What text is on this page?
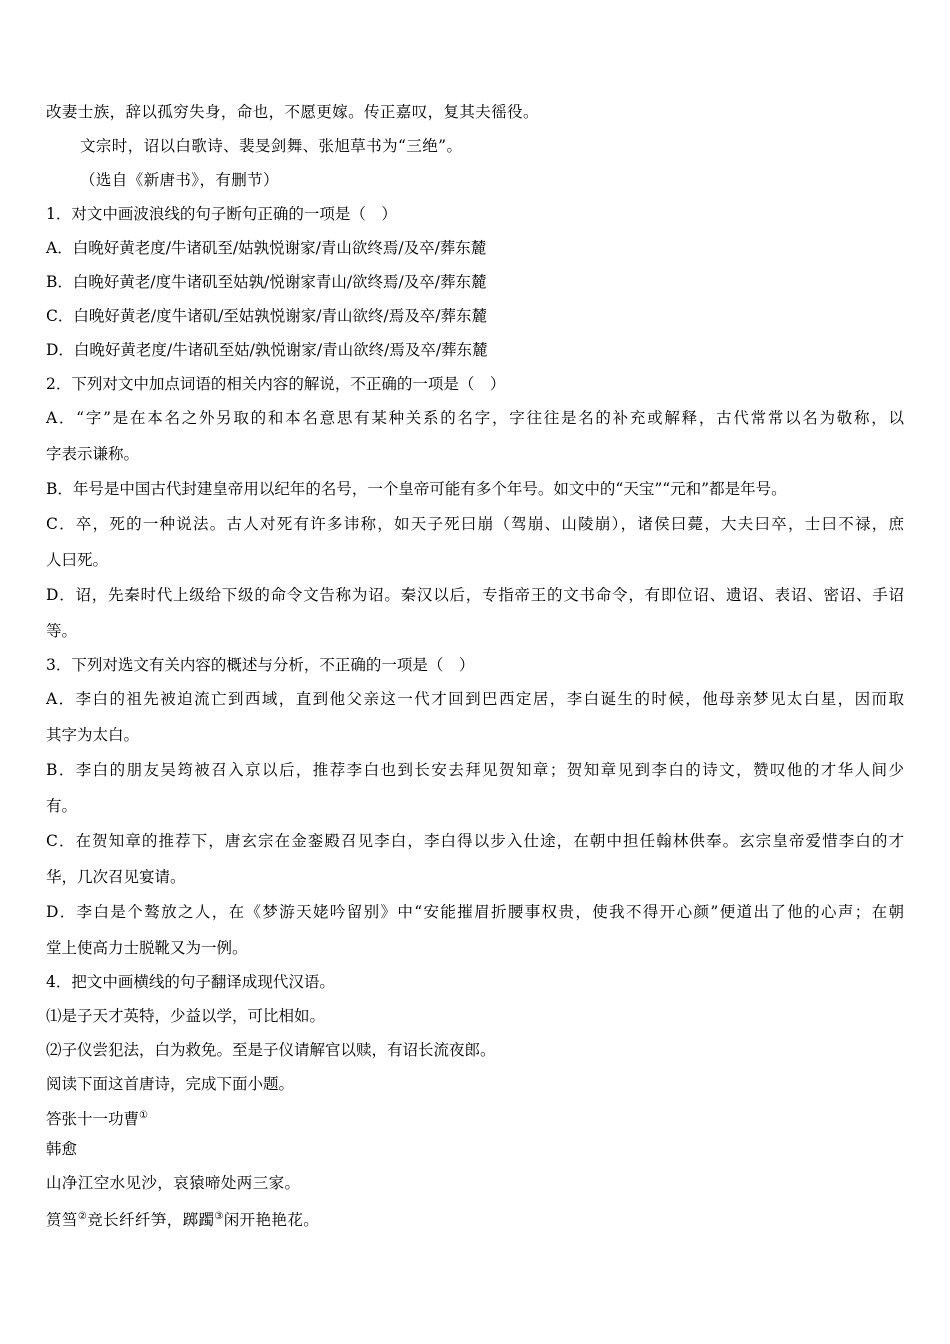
改妻士族，辞以孤穷失身，命也，不愿更嫁。传正嘉叹，复其夫徭役。
文宗时，诏以白歌诗、裴旻剑舞、张旭草书为“三绝”。
（选自《新唐书》，有删节）
1．对文中画波浪线的句子断句正确的一项是（　）
A．白晚好黄老度/牛诸矶至/姑孰悦谢家/青山欲终焉/及卒/葬东麓
B．白晚好黄老/度牛诸矶至姑孰/悦谢家青山/欲终焉/及卒/葬东麓
C．白晚好黄老/度牛诸矶/至姑孰悦谢家/青山欲终/焉及卒/葬东麓
D．白晚好黄老度/牛诸矶至姑/孰悦谢家/青山欲终/焉及卒/葬东麓
2．下列对文中加点词语的相关内容的解说，不正确的一项是（　）
A．“字”是在本名之外另取的和本名意思有某种关系的名字，字往往是名的补充或解释，古代常常以名为敬称，以
字表示谦称。
B．年号是中国古代封建皇帝用以纪年的名号，一个皇帝可能有多个年号。如文中的“天宝”“元和”都是年号。
C．卒，死的一种说法。古人对死有许多讳称，如天子死曰崩（驾崩、山陵崩），诸侯曰薨，大夫曰卒，士曰不禄，庶
人曰死。
D．诏，先秦时代上级给下级的命令文告称为诏。秦汉以后，专指帝王的文书命令，有即位诏、遗诏、表诏、密诏、手诏
等。
3．下列对选文有关内容的概述与分析，不正确的一项是（　）
A．李白的祖先被迫流亡到西域，直到他父亲这一代才回到巴西定居，李白诞生的时候，他母亲梦见太白星，因而取
其字为太白。
B．李白的朋友吴筠被召入京以后，推荐李白也到长安去拜见贺知章；贺知章见到李白的诗文，赞叹他的才华人间少
有。
C．在贺知章的推荐下，唐玄宗在金銮殿召见李白，李白得以步入仕途，在朝中担任翰林供奉。玄宗皇帝爱惜李白的才
华，几次召见宴请。
D．李白是个骜放之人，在《梦游天姥吟留别》中“安能摧眉折腰事权贵，使我不得开心颜”便道出了他的心声；在朝
堂上使高力士脱靴又为一例。
4．把文中画横线的句子翻译成现代汉语。
⑴是子天才英特，少益以学，可比相如。
⑵子仪尝犯法，白为救免。至是子仪请解官以赎，有诏长流夜郎。
阅读下面这首唐诗，完成下面小题。
答张十一功曹①
韩愈
山净江空水见沙，哀猿啼处两三家。
筼筜②竞长纤纤笋，踯躅③闲开艳艳花。
